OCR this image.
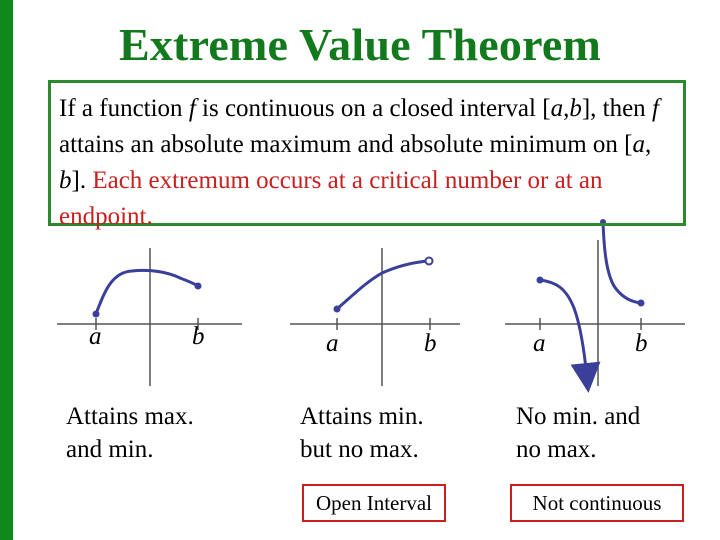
Extreme Value Theorem
If a function f is continuous on a closed interval [a,b], then f attains an absolute maximum and absolute minimum on [a, b]. Each extremum occurs at a critical number or at an endpoint.
a	b
Attains max.
and min.
a	b
Attains min.
but no max.
Open Interval
a	b
No min. and
no max.
Not continuous
